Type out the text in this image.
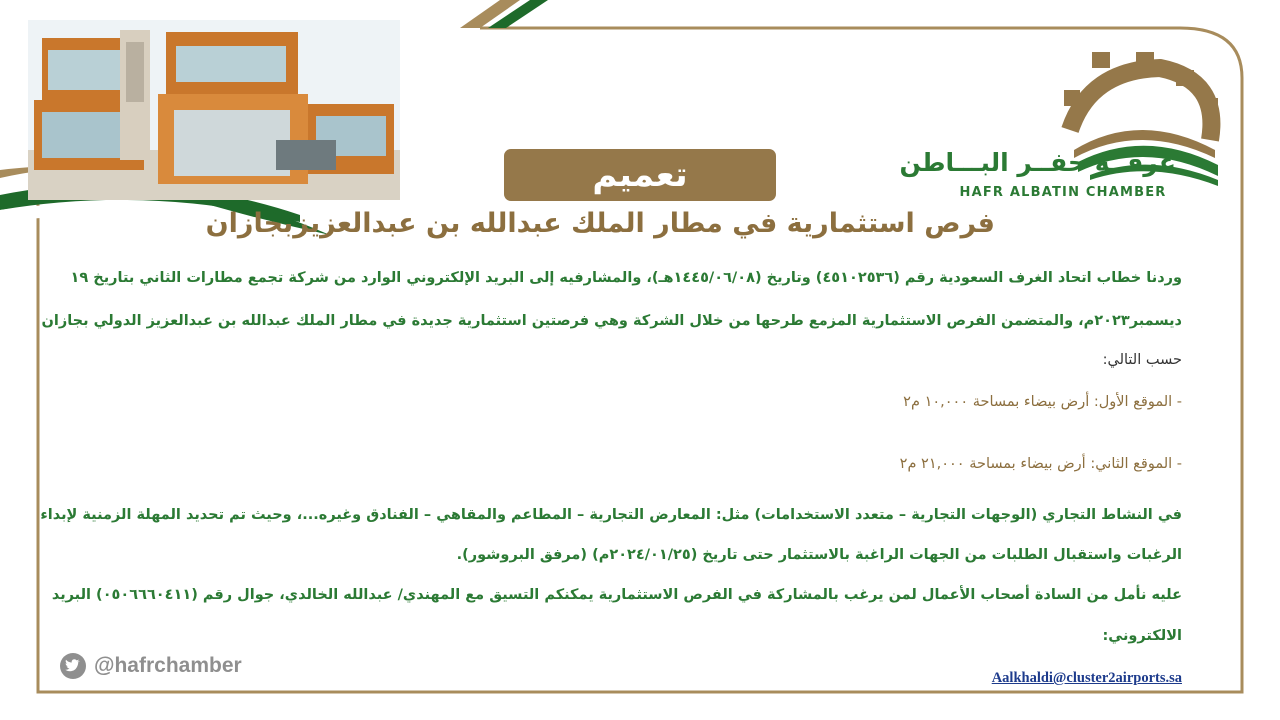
غرفــة حفــر البـــاطن
HAFR ALBATIN CHAMBER
تعميم
فرص استثمارية في مطار الملك عبدالله بن عبدالعزيزبجازان
وردنا خطاب اتحاد الغرف السعودية رقم (٤٥١٠٢٥٣٦) وتاريخ (١٤٤٥/٠٦/٠٨هـ)، والمشارفيه إلى البريد الإلكتروني الوارد من شركة تجمع مطارات الثاني بتاريخ ١٩
ديسمبر٢٠٢٣م، والمتضمن الفرص الاستثمارية المزمع طرحها من خلال الشركة وهي فرصتين استثمارية جديدة في مطار الملك عبدالله بن عبدالعزيز الدولي بجازان
حسب التالي:
- الموقع الأول: أرض بيضاء بمساحة ١٠,٠٠٠ م٢
- الموقع الثاني: أرض بيضاء بمساحة ٢١,٠٠٠ م٢
في النشاط التجاري (الوجهات التجارية – متعدد الاستخدامات) مثل: المعارض التجارية – المطاعم والمقاهي – الفنادق وغيره...، وحيث تم تحديد المهلة الزمنية لإبداء
الرغبات واستقبال الطلبات من الجهات الراغبة بالاستثمار حتى تاريخ (٢٠٢٤/٠١/٢٥م) (مرفق البروشور).
عليه نأمل من السادة أصحاب الأعمال لمن يرغب بالمشاركة في الفرص الاستثمارية يمكنكم التسيق مع المهندي/ عبدالله الخالدي، جوال رقم (٠٥٠٦٦٦٠٤١١) البريد
الالكتروني:
@hafrchamber
Aalkhaldi@cluster2airports.sa
